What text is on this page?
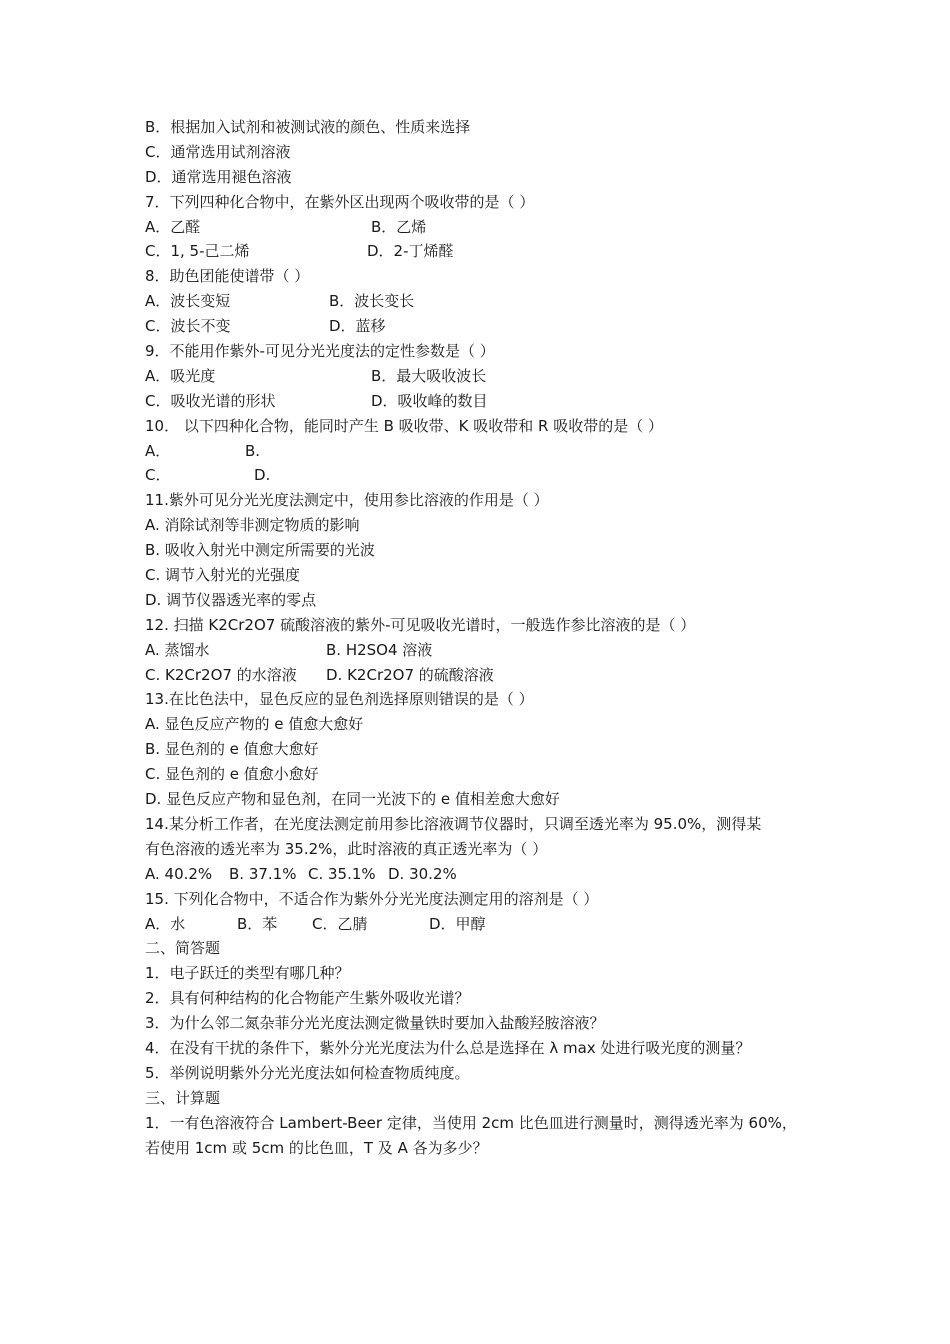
B．根据加入试剂和被测试液的颜色、性质来选择
C．通常选用试剂溶液
D．通常选用褪色溶液
7．下列四种化合物中，在紫外区出现两个吸收带的是（ ）
A．乙醛	B．乙烯
C．1, 5-己二烯	D．2-丁烯醛
8．助色团能使谱带（ ）
A．波长变短	B．波长变长
C．波长不变	D．蓝移
9．不能用作紫外-可见分光光度法的定性参数是（ ）
A．吸光度	B．最大吸收波长
C．吸收光谱的形状	D．吸收峰的数目
10． 以下四种化合物，能同时产生 B 吸收带、K 吸收带和 R 吸收带的是（ ）
A．	B.
C．	D.
11.紫外可见分光光度法测定中，使用参比溶液的作用是（ ）
A. 消除试剂等非测定物质的影响
B. 吸收入射光中测定所需要的光波
C. 调节入射光的光强度
D. 调节仪器透光率的零点
12. 扫描 K2Cr2O7 硫酸溶液的紫外-可见吸收光谱时，一般选作参比溶液的是（ ）
A. 蒸馏水	B. H2SO4 溶液
C. K2Cr2O7 的水溶液 D. K2Cr2O7 的硫酸溶液
13.在比色法中，显色反应的显色剂选择原则错误的是（ ）
A. 显色反应产物的 e 值愈大愈好
B. 显色剂的 e 值愈大愈好
C. 显色剂的 e 值愈小愈好
D. 显色反应产物和显色剂，在同一光波下的 e 值相差愈大愈好
14.某分析工作者，在光度法测定前用参比溶液调节仪器时，只调至透光率为 95.0%，测得某
有色溶液的透光率为 35.2%，此时溶液的真正透光率为（ ）
A. 40.2% B. 37.1% C. 35.1% D. 30.2%
15. 下列化合物中，不适合作为紫外分光光度法测定用的溶剂是（ ）
A．水	B．苯 C．乙腈	D．甲醇
二、简答题
1．电子跃迁的类型有哪几种？
2．具有何种结构的化合物能产生紫外吸收光谱？
3．为什么邻二氮杂菲分光光度法测定微量铁时要加入盐酸羟胺溶液？
4．在没有干扰的条件下，紫外分光光度法为什么总是选择在 λ max 处进行吸光度的测量？
5．举例说明紫外分光光度法如何检查物质纯度。
三、计算题
1．一有色溶液符合 Lambert-Beer 定律，当使用 2cm 比色皿进行测量时，测得透光率为 60%，
若使用 1cm 或 5cm 的比色皿，T 及 A 各为多少？
